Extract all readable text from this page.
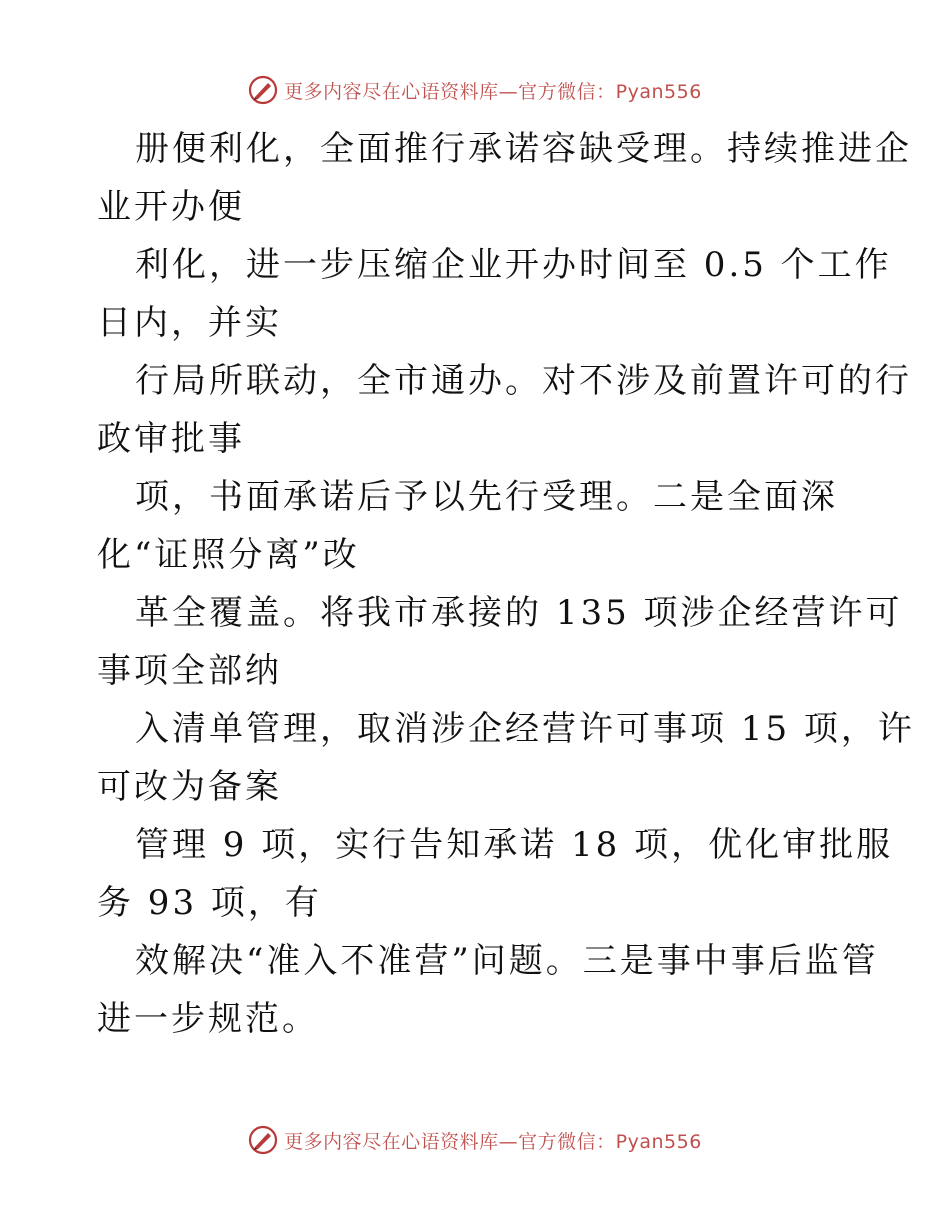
更多内容尽在心语资料库—官方微信：Pyan556
册便利化，全面推行承诺容缺受理。持续推进企
业开办便
利化，进一步压缩企业开办时间至 0.5 个工作
日内，并实
行局所联动，全市通办。对不涉及前置许可的行
政审批事
项，书面承诺后予以先行受理。二是全面深
化“证照分离”改
革全覆盖。将我市承接的 135 项涉企经营许可
事项全部纳
入清单管理，取消涉企经营许可事项 15 项，许
可改为备案
管理 9 项，实行告知承诺 18 项，优化审批服
务 93 项，有
效解决“准入不准营”问题。三是事中事后监管
进一步规范。
更多内容尽在心语资料库—官方微信：Pyan556
